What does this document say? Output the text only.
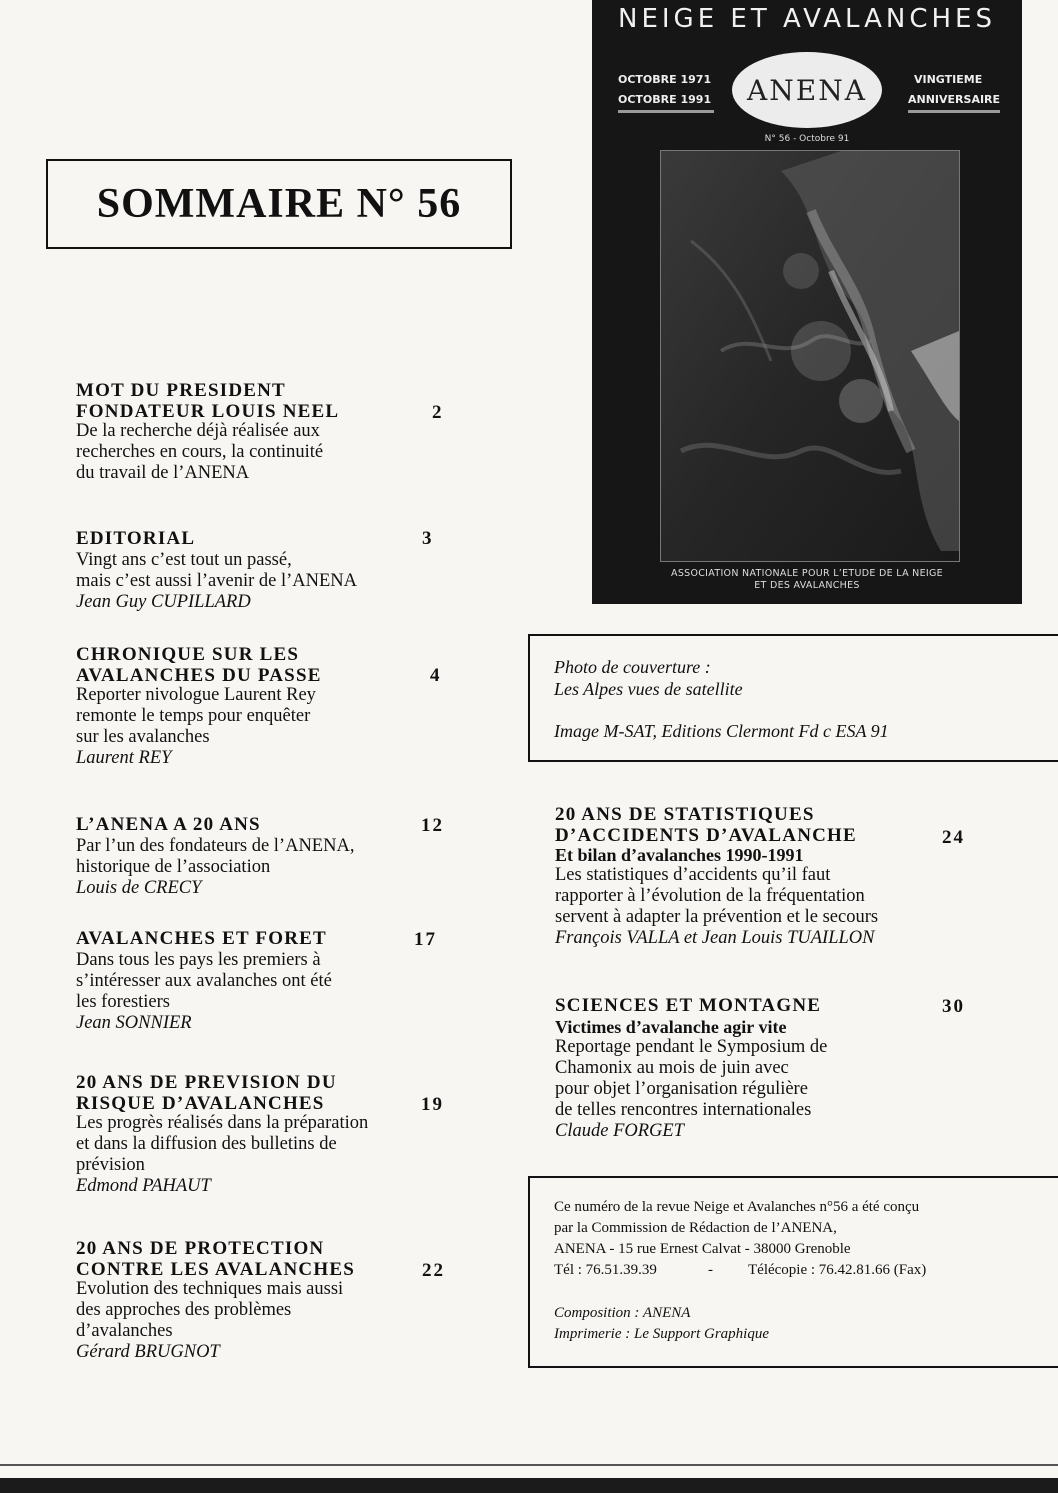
SOMMAIRE N° 56
MOT DU PRESIDENT
FONDATEUR LOUIS NEEL
De la recherche déjà réalisée aux
recherches en cours, la continuité
du travail de l’ANENA
2
EDITORIAL
Vingt ans c’est tout un passé,
mais c’est aussi l’avenir de l’ANENA
Jean Guy CUPILLARD
3
CHRONIQUE SUR LES
AVALANCHES DU PASSE
Reporter nivologue Laurent Rey
remonte le temps pour enquêter
sur les avalanches
Laurent REY
4
L’ANENA A 20 ANS
Par l’un des fondateurs de l’ANENA,
historique de l’association
Louis de CRECY
12
AVALANCHES ET FORET
Dans tous les pays les premiers à
s’intéresser aux avalanches ont été
les forestiers
Jean SONNIER
17
20 ANS DE PREVISION DU
RISQUE D’AVALANCHES
Les progrès réalisés dans la préparation
et dans la diffusion des bulletins de
prévision
Edmond PAHAUT
19
20 ANS DE PROTECTION
CONTRE LES AVALANCHES
Evolution des techniques mais aussi
des approches des problèmes
d’avalanches
Gérard BRUGNOT
22
NEIGE ET AVALANCHES
OCTOBRE 1971
OCTOBRE 1991
VINGTIEME
ANNIVERSAIRE
ANENA
N° 56 - Octobre 91
ASSOCIATION NATIONALE POUR L’ETUDE DE LA NEIGE
ET DES AVALANCHES
Photo de couverture :
Les Alpes vues de satellite
Image M-SAT, Editions Clermont Fd c ESA 91
20 ANS DE STATISTIQUES
D’ACCIDENTS D’AVALANCHE
Et bilan d’avalanches 1990-1991
Les statistiques d’accidents qu’il faut
rapporter à l’évolution de la fréquentation
servent à adapter la prévention et le secours
François VALLA et Jean Louis TUAILLON
24
SCIENCES ET MONTAGNE
Victimes d’avalanche agir vite
Reportage pendant le Symposium de
Chamonix au mois de juin avec
pour objet l’organisation régulière
de telles rencontres internationales
Claude FORGET
30
Ce numéro de la revue Neige et Avalanches n°56 a été conçu
par la Commission de Rédaction de l’ANENA,
ANENA - 15 rue Ernest Calvat - 38000 Grenoble
Tél : 76.51.39.39	- Télécopie : 76.42.81.66 (Fax)
Composition : ANENA
Imprimerie : Le Support Graphique
